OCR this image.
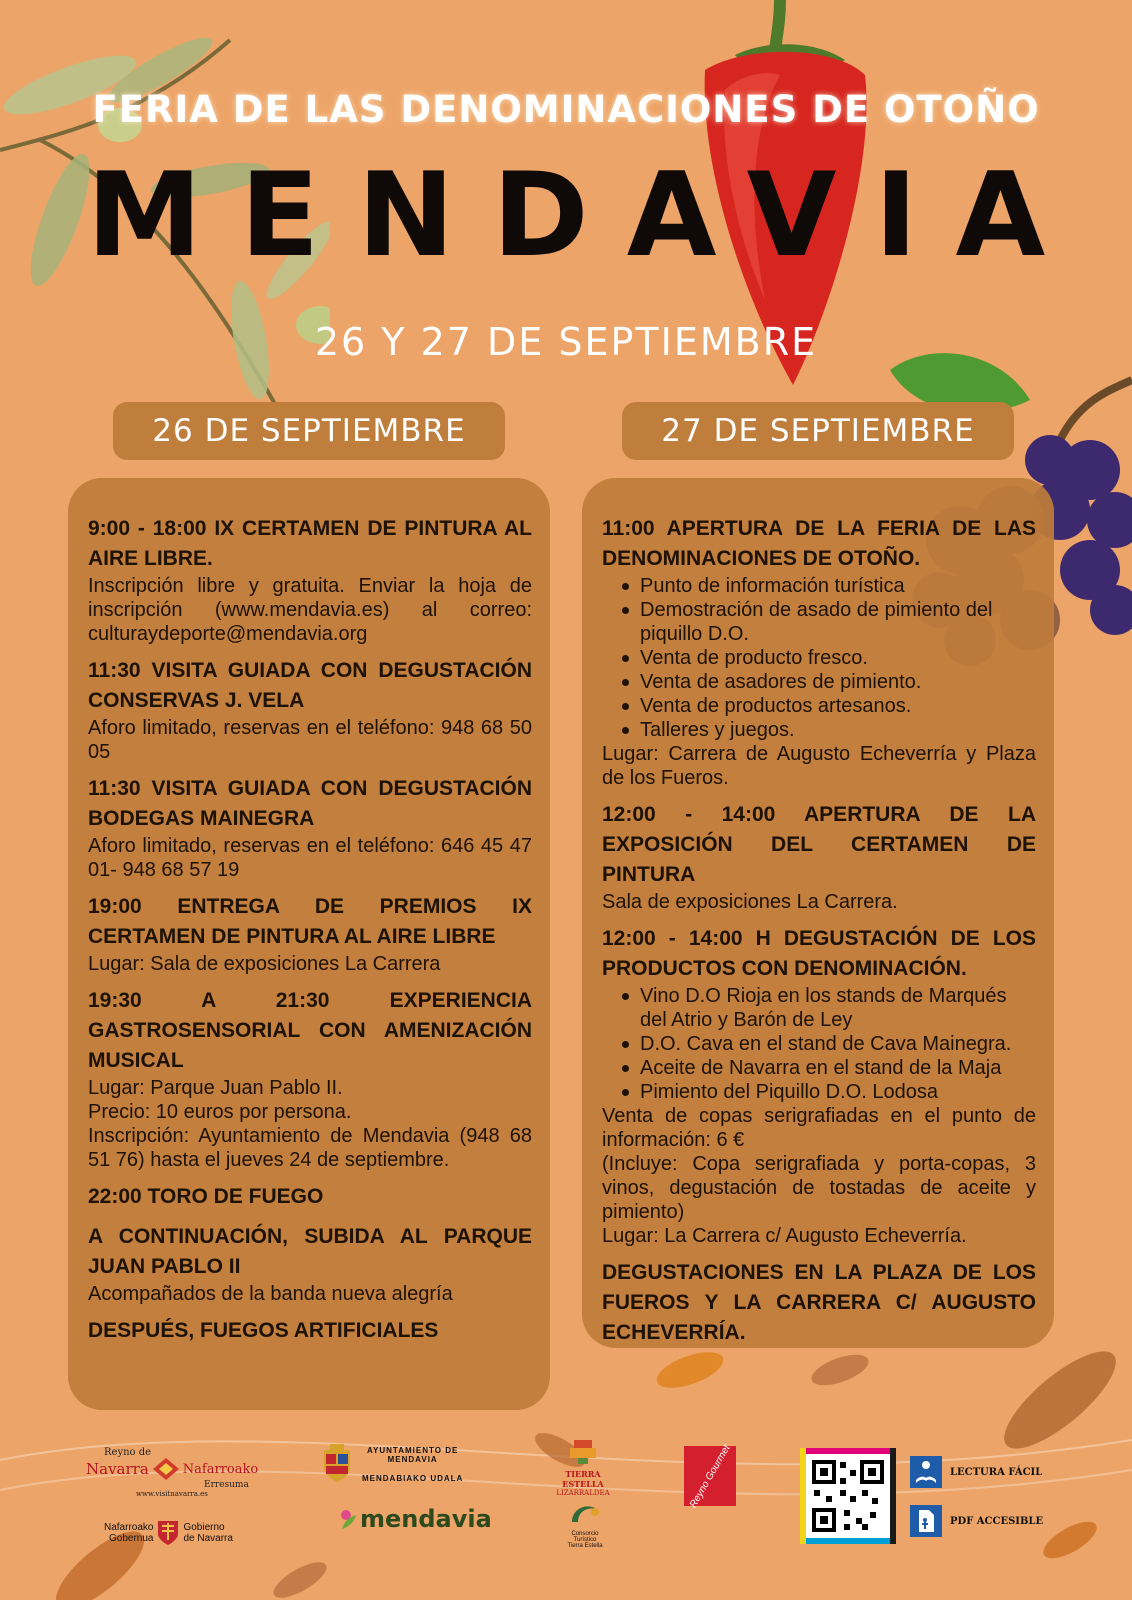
FERIA DE LAS DENOMINACIONES DE OTOÑO
MENDAVIA
26 Y 27 DE SEPTIEMBRE
26 DE SEPTIEMBRE	27 DE SEPTIEMBRE
9:00 - 18:00 IX CERTAMEN DE PINTURA AL AIRE LIBRE.
Inscripción libre y gratuita. Enviar la hoja de inscripción (www.mendavia.es) al correo: culturaydeporte@mendavia.org
11:30 VISITA GUIADA CON DEGUSTACIÓN CONSERVAS J. VELA
Aforo limitado, reservas en el teléfono: 948 68 50 05
11:30 VISITA GUIADA CON DEGUSTACIÓN BODEGAS MAINEGRA
Aforo limitado, reservas en el teléfono: 646 45 47 01- 948 68 57 19
19:00 ENTREGA DE PREMIOS IX CERTAMEN DE PINTURA AL AIRE LIBRE
Lugar: Sala de exposiciones La Carrera
19:30 A 21:30 EXPERIENCIA GASTROSENSORIAL CON AMENIZACIÓN MUSICAL
Lugar: Parque Juan Pablo II.
Precio: 10 euros por persona.
Inscripción: Ayuntamiento de Mendavia (948 68 51 76) hasta el jueves 24 de septiembre.
22:00 TORO DE FUEGO
A CONTINUACIÓN, SUBIDA AL PARQUE JUAN PABLO II
Acompañados de la banda nueva alegría
DESPUÉS, FUEGOS ARTIFICIALES
11:00 APERTURA DE LA FERIA DE LAS DENOMINACIONES DE OTOÑO.
Punto de información turística
Demostración de asado de pimiento del piquillo D.O.
Venta de producto fresco.
Venta de asadores de pimiento.
Venta de productos artesanos.
Talleres y juegos.
Lugar: Carrera de Augusto Echeverría y Plaza de los Fueros.
12:00 - 14:00 APERTURA DE LA EXPOSICIÓN DEL CERTAMEN DE PINTURA
Sala de exposiciones La Carrera.
12:00 - 14:00 H DEGUSTACIÓN DE LOS PRODUCTOS CON DENOMINACIÓN.
Vino D.O Rioja en los stands de Marqués del Atrio y Barón de Ley
D.O. Cava en el stand de Cava Mainegra.
Aceite de Navarra en el stand de la Maja
Pimiento del Piquillo D.O. Lodosa
Venta de copas serigrafiadas en el punto de información: 6 €
(Incluye: Copa serigrafiada y porta-copas, 3 vinos, degustación de tostadas de aceite y pimiento)
Lugar: La Carrera c/ Augusto Echeverría.
DEGUSTACIONES EN LA PLAZA DE LOS FUEROS Y LA CARRERA C/ AUGUSTO ECHEVERRÍA.
Reyno de
Navarra	Nafarroako
Erresuma
www.visitnavarra.es
Nafarroako
Gobernua
Gobierno
de Navarra
AYUNTAMIENTO DE
MENDAVIA
MENDABIAKO UDALA
mendavia
TIERRA ESTELLA
LIZARRALDEA
Consorcio
Turístico
Tierra Estella
Reyno Gourmet	LECTURA FÁCIL
PDF ACCESIBLE
